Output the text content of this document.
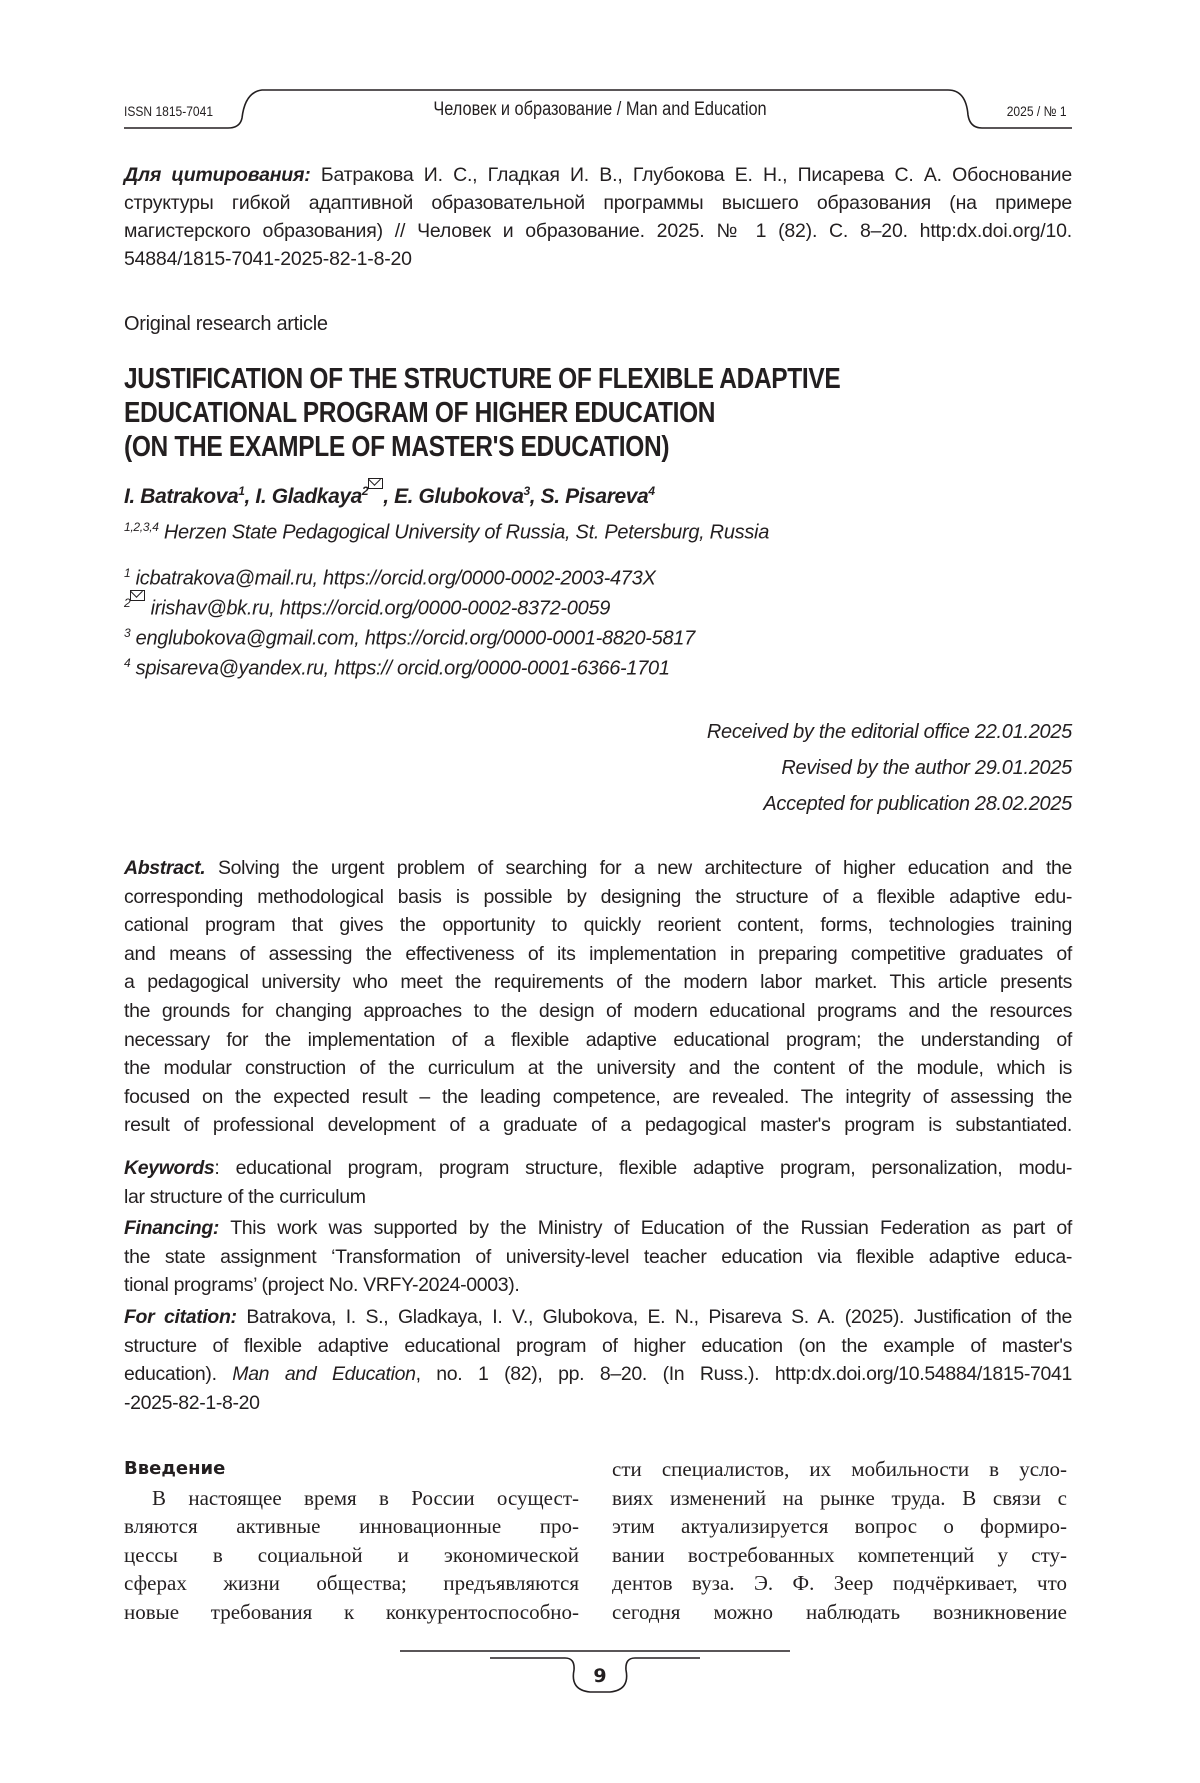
ISSN 1815-7041	Человек и образование / Man and Education	2025 / № 1
Для цитирования: Батракова И. С., Гладкая И. В., Глубокова Е. Н., Писарева С. А. Обоснование
структуры гибкой адаптивной образовательной программы высшего образования (на примере
магистерского образования) // Человек и образование. 2025. № 1 (82). С. 8–20. http:dx.doi.org/10.
54884/1815-7041-2025-82-1-8-20
Original research article
JUSTIFICATION OF THE STRUCTURE OF FLEXIBLE ADAPTIVE
EDUCATIONAL PROGRAM OF HIGHER EDUCATION
(ON THE EXAMPLE OF MASTER'S EDUCATION)
I. Batrakova1, I. Gladkaya2 , E. Glubokova3, S. Pisareva4
1,2,3,4 Herzen State Pedagogical University of Russia, St. Petersburg, Russia
1 icbatrakova@mail.ru, https://orcid.org/0000-0002-2003-473X
2 irishav@bk.ru, https://orcid.org/0000-0002-8372-0059
3 englubokova@gmail.com, https://orcid.org/0000-0001-8820-5817
4 spisareva@yandex.ru, https:// orcid.org/0000-0001-6366-1701
Received by the editorial office 22.01.2025
Revised by the author 29.01.2025
Accepted for publication 28.02.2025
Abstract. Solving the urgent problem of searching for a new architecture of higher education and the
corresponding methodological basis is possible by designing the structure of a flexible adaptive edu-
cational program that gives the opportunity to quickly reorient content, forms, technologies training
and means of assessing the effectiveness of its implementation in preparing competitive graduates of
a pedagogical university who meet the requirements of the modern labor market. This article presents
the grounds for changing approaches to the design of modern educational programs and the resources
necessary for the implementation of a flexible adaptive educational program; the understanding of
the modular construction of the curriculum at the university and the content of the module, which is
focused on the expected result – the leading competence, are revealed. The integrity of assessing the
result of professional development of a graduate of a pedagogical master's program is substantiated.
Keywords: educational program, program structure, flexible adaptive program, personalization, modu-
lar structure of the curriculum
Financing: This work was supported by the Ministry of Education of the Russian Federation as part of
the state assignment ‘Transformation of university-level teacher education via flexible adaptive educa-
tional programs’ (project No. VRFY-2024-0003).
For citation: Batrakova, I. S., Gladkaya, I. V., Glubokova, E. N., Pisareva S. A. (2025). Justification of the
structure of flexible adaptive educational program of higher education (on the example of master's
education). Man and Education, no. 1 (82), pp. 8–20. (In Russ.). http:dx.doi.org/10.54884/1815-7041
-2025-82-1-8-20
Введение
В настоящее время в России осущест-
вляются активные инновационные про-
цессы в социальной и экономической
сферах жизни общества; предъявляются
новые требования к конкурентоспособно-
сти специалистов, их мобильности в усло-
виях изменений на рынке труда. В связи с
этим актуализируется вопрос о формиро-
вании востребованных компетенций у сту-
дентов вуза. Э. Ф. Зеер подчёркивает, что
сегодня можно наблюдать возникновение
9
